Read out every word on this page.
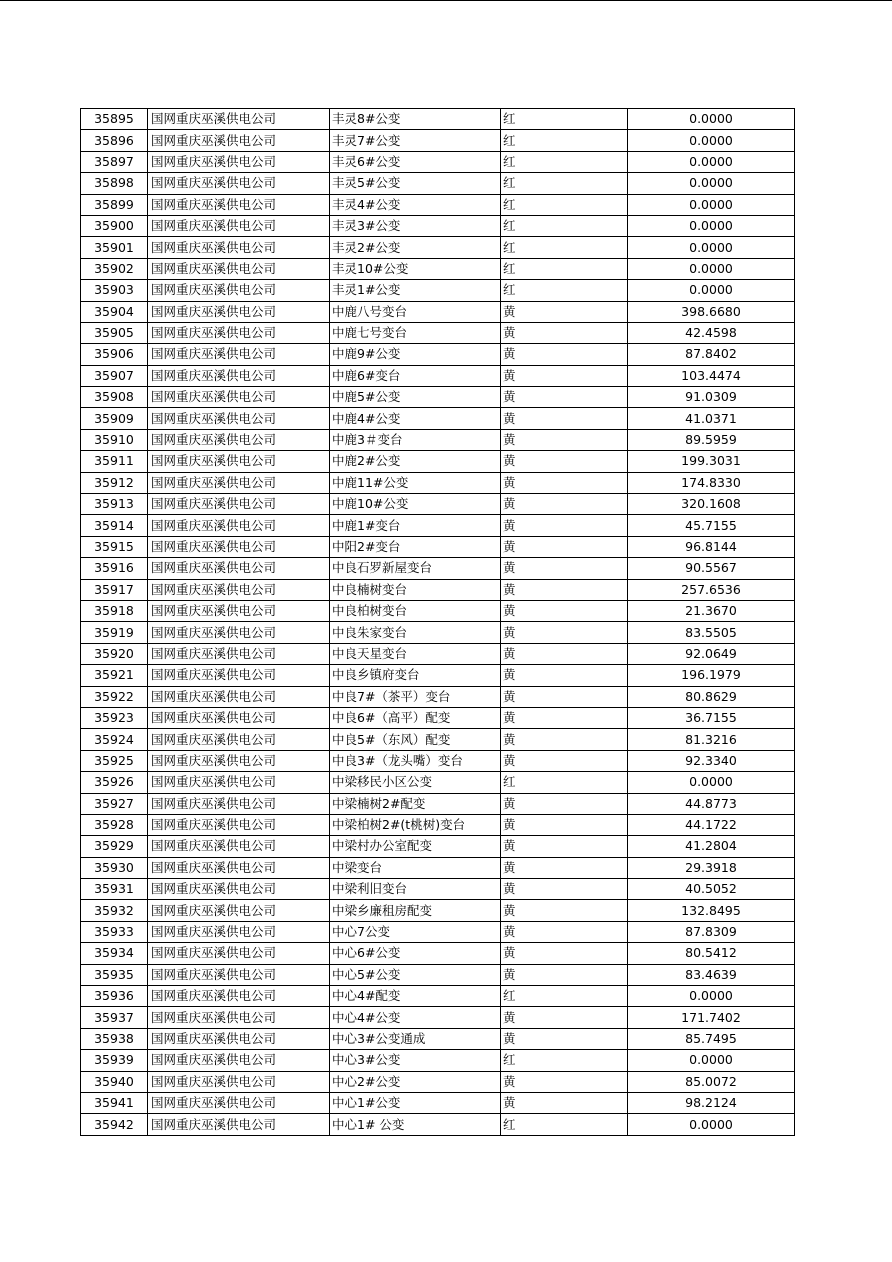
35895	国网重庆巫溪供电公司	丰灵8#公变	红	0.0000
35896	国网重庆巫溪供电公司	丰灵7#公变	红	0.0000
35897	国网重庆巫溪供电公司	丰灵6#公变	红	0.0000
35898	国网重庆巫溪供电公司	丰灵5#公变	红	0.0000
35899	国网重庆巫溪供电公司	丰灵4#公变	红	0.0000
35900	国网重庆巫溪供电公司	丰灵3#公变	红	0.0000
35901	国网重庆巫溪供电公司	丰灵2#公变	红	0.0000
35902	国网重庆巫溪供电公司	丰灵10#公变	红	0.0000
35903	国网重庆巫溪供电公司	丰灵1#公变	红	0.0000
35904	国网重庆巫溪供电公司	中鹿八号变台	黄	398.6680
35905	国网重庆巫溪供电公司	中鹿七号变台	黄	42.4598
35906	国网重庆巫溪供电公司	中鹿9#公变	黄	87.8402
35907	国网重庆巫溪供电公司	中鹿6#变台	黄	103.4474
35908	国网重庆巫溪供电公司	中鹿5#公变	黄	91.0309
35909	国网重庆巫溪供电公司	中鹿4#公变	黄	41.0371
35910	国网重庆巫溪供电公司	中鹿3＃变台	黄	89.5959
35911	国网重庆巫溪供电公司	中鹿2#公变	黄	199.3031
35912	国网重庆巫溪供电公司	中鹿11#公变	黄	174.8330
35913	国网重庆巫溪供电公司	中鹿10#公变	黄	320.1608
35914	国网重庆巫溪供电公司	中鹿1#变台	黄	45.7155
35915	国网重庆巫溪供电公司	中阳2#变台	黄	96.8144
35916	国网重庆巫溪供电公司	中良石罗新屋变台	黄	90.5567
35917	国网重庆巫溪供电公司	中良楠树变台	黄	257.6536
35918	国网重庆巫溪供电公司	中良柏树变台	黄	21.3670
35919	国网重庆巫溪供电公司	中良朱家变台	黄	83.5505
35920	国网重庆巫溪供电公司	中良天星变台	黄	92.0649
35921	国网重庆巫溪供电公司	中良乡镇府变台	黄	196.1979
35922	国网重庆巫溪供电公司	中良7#（茶平）变台	黄	80.8629
35923	国网重庆巫溪供电公司	中良6#（高平）配变	黄	36.7155
35924	国网重庆巫溪供电公司	中良5#（东风）配变	黄	81.3216
35925	国网重庆巫溪供电公司	中良3#（龙头嘴）变台	黄	92.3340
35926	国网重庆巫溪供电公司	中梁移民小区公变	红	0.0000
35927	国网重庆巫溪供电公司	中梁楠树2#配变	黄	44.8773
35928	国网重庆巫溪供电公司	中梁柏树2#(t桃树)变台	黄	44.1722
35929	国网重庆巫溪供电公司	中梁村办公室配变	黄	41.2804
35930	国网重庆巫溪供电公司	中梁变台	黄	29.3918
35931	国网重庆巫溪供电公司	中梁利旧变台	黄	40.5052
35932	国网重庆巫溪供电公司	中梁乡廉租房配变	黄	132.8495
35933	国网重庆巫溪供电公司	中心7公变	黄	87.8309
35934	国网重庆巫溪供电公司	中心6#公变	黄	80.5412
35935	国网重庆巫溪供电公司	中心5#公变	黄	83.4639
35936	国网重庆巫溪供电公司	中心4#配变	红	0.0000
35937	国网重庆巫溪供电公司	中心4#公变	黄	171.7402
35938	国网重庆巫溪供电公司	中心3#公变通成	黄	85.7495
35939	国网重庆巫溪供电公司	中心3#公变	红	0.0000
35940	国网重庆巫溪供电公司	中心2#公变	黄	85.0072
35941	国网重庆巫溪供电公司	中心1#公变	黄	98.2124
35942	国网重庆巫溪供电公司	中心1# 公变	红	0.0000
